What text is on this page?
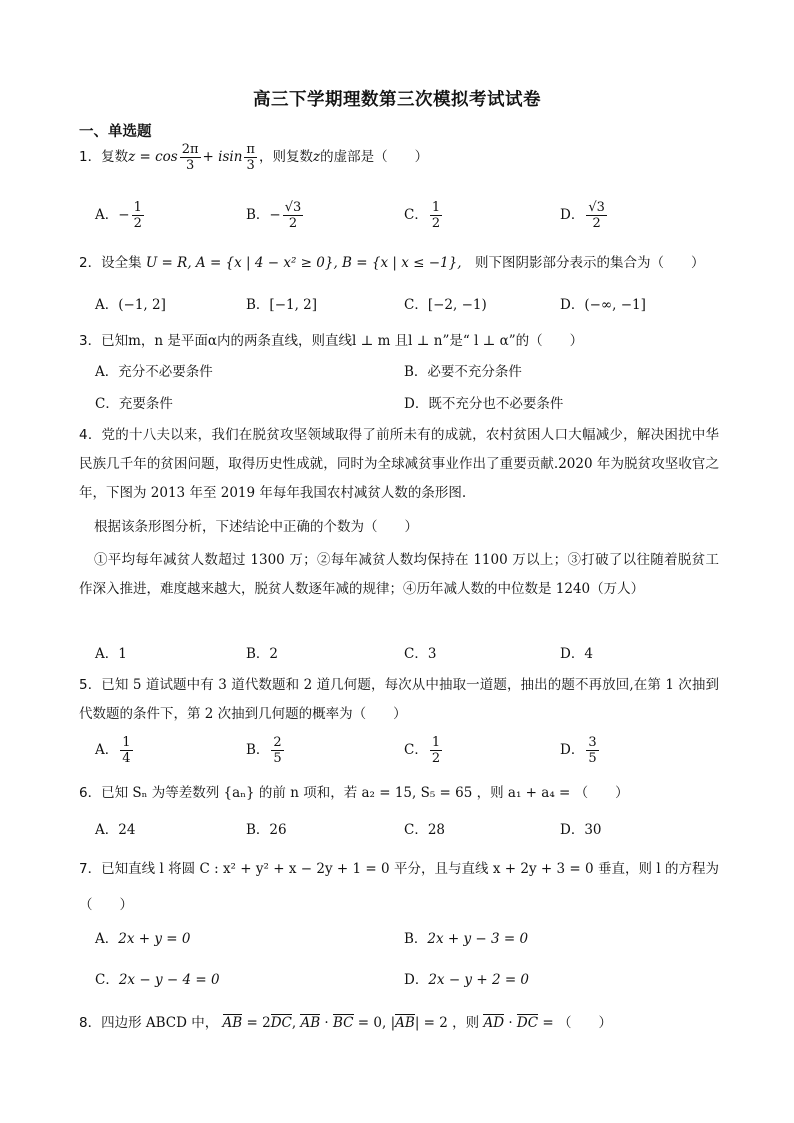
高三下学期理数第三次模拟考试试卷
一、单选题
1．复数$z = \cos \frac{2\pi}{3} + isin \frac{\pi}{3}$ ，则复数z的虚部是（　　）
A．− $\frac{1}{2}$	B．− $\frac{√3}{2}$	C． $\frac{1}{2}$	D． $\frac{√3}{2}$
2．设全集 U = R, A = {x | 4 − x² ≥ 0}, B = {x | x ≤ −1},　则下图阴影部分表示的集合为（　　）
A．(−1, 2]	B．[−1, 2]	C．[−2, −1)	D．(−∞, −1]
3．已知m，n 是平面α内的两条直线，则直线l ⊥ m 且l ⊥ n”是“ l ⊥ α”的（　　）
A．充分不必要条件	B．必要不充分条件
C．充要条件	D．既不充分也不必要条件
4．党的十八夫以来，我们在脱贫攻坚领域取得了前所未有的成就，农村贫困人口大幅减少，解决困扰中华民族几千年的贫困问题，取得历史性成就，同时为全球减贫事业作出了重要贡献.2020 年为脱贫攻坚收官之年，下图为 2013 年至 2019 年每年我国农村减贫人数的条形图.
根据该条形图分析，下述结论中正确的个数为（　　）
①平均每年减贫人数超过 1300 万；②每年减贫人数均保持在 1100 万以上；③打破了以往随着脱贫工作深入推进，难度越来越大，脱贫人数逐年减的规律；④历年减人数的中位数是 1240（万人）
A．1	B．2	C．3	D．4
5．已知 5 道试题中有 3 道代数题和 2 道几何题，每次从中抽取一道题，抽出的题不再放回,在第 1 次抽到代数题的条件下，第 2 次抽到几何题的概率为（　　）
A． $\frac{1}{4}$	B． $\frac{2}{5}$	C． $\frac{1}{2}$	D． $\frac{3}{5}$
6．已知 Sₙ 为等差数列 {aₙ} 的前 n 项和，若 a₂ = 15, S₅ = 65 ，则 a₁ + a₄ = （　　）
A．24	B．26	C．28	D．30
7．已知直线 l 将圆 C : x² + y² + x − 2y + 1 = 0 平分，且与直线 x + 2y + 3 = 0 垂直，则 l 的方程为（　　）
A．2x + y = 0	B．2x + y − 3 = 0
C．2x − y − 4 = 0	D．2x − y + 2 = 0
8．四边形 ABCD 中， AB = 2DC, AB · BC = 0, |AB| = 2 ，则 AD · DC = （　　）
